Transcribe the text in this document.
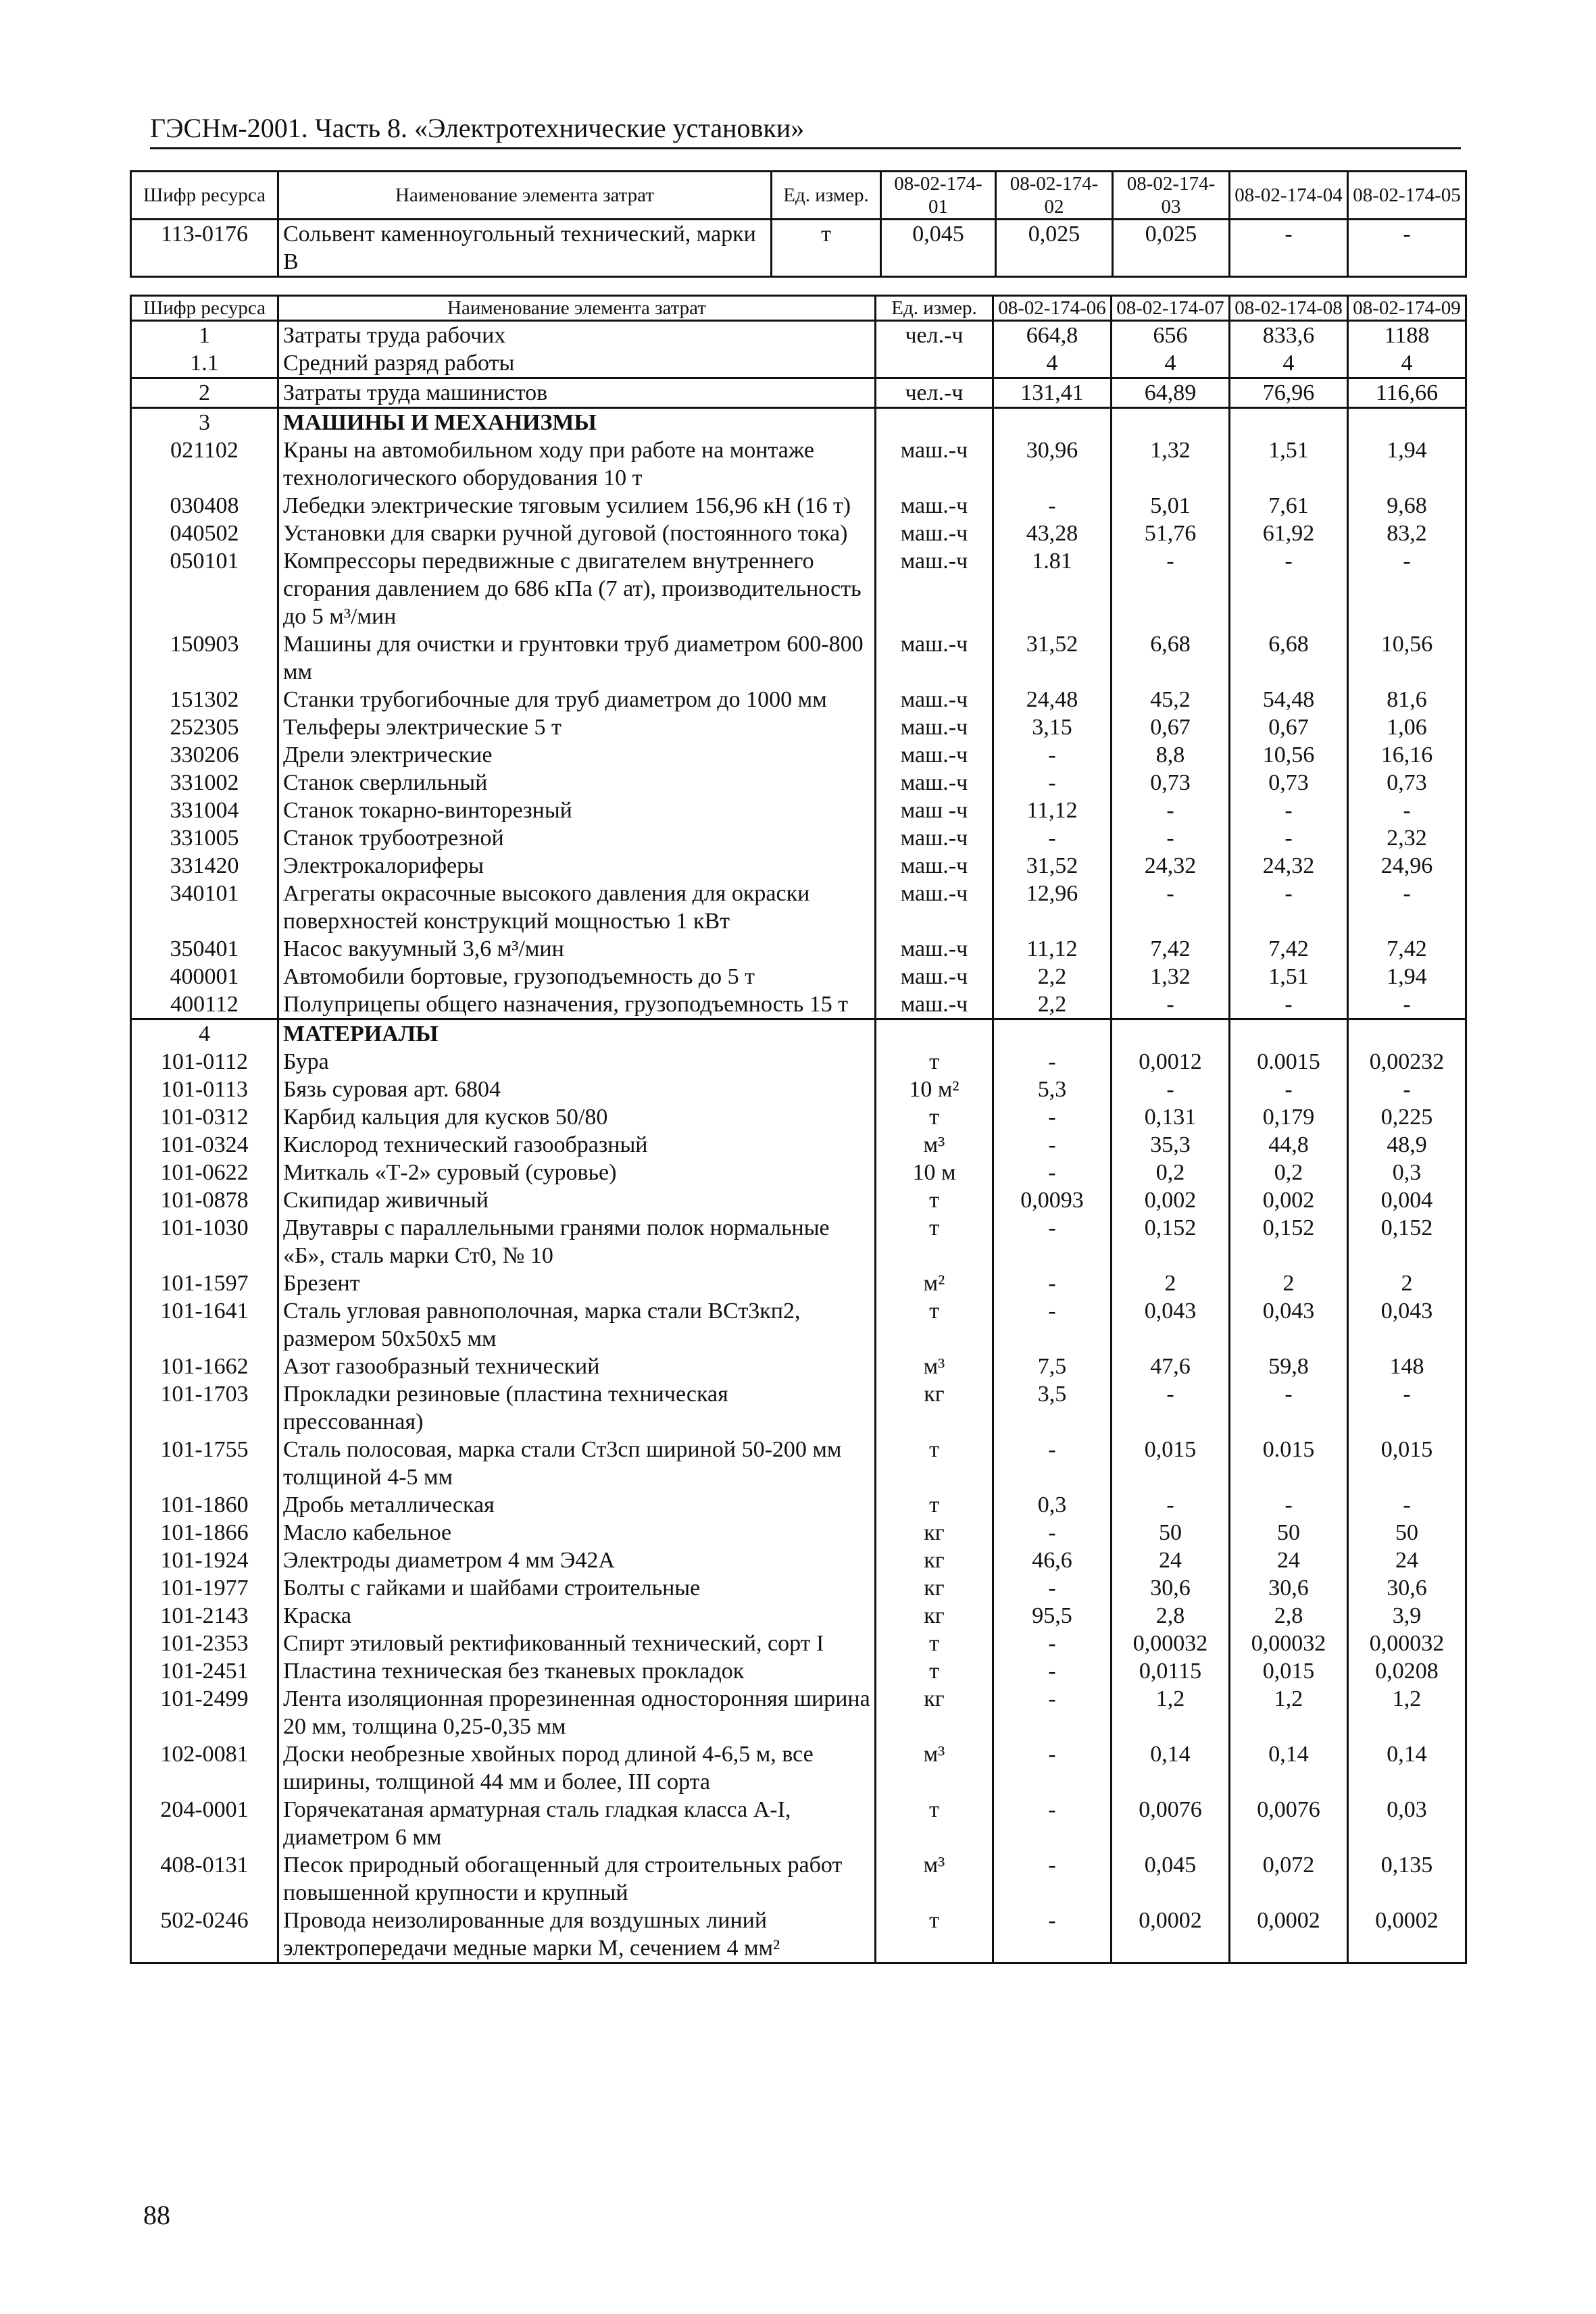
ГЭСНм-2001. Часть 8. «Электротехнические установки»
Шифр ресурса	Наименование элемента затрат	Ед. измер.	08-02-174-01	08-02-174-02	08-02-174-03	08-02-174-04	08-02-174-05
113-0176	Сольвент каменноугольный технический, марки В	т	0,045	0,025	0,025	-	-
Шифр ресурса	Наименование элемента затрат	Ед. измер.	08-02-174-06	08-02-174-07	08-02-174-08	08-02-174-09
1	Затраты труда рабочих	чел.-ч	664,8	656	833,6	1188
1.1	Средний разряд работы		4	4	4	4
2	Затраты труда машинистов	чел.-ч	131,41	64,89	76,96	116,66
3	МАШИНЫ И МЕХАНИЗМЫ					
021102	Краны на автомобильном ходу при работе на монтаже технологического оборудования 10 т	маш.-ч	30,96	1,32	1,51	1,94
030408	Лебедки электрические тяговым усилием 156,96 кН (16 т)	маш.-ч	-	5,01	7,61	9,68
040502	Установки для сварки ручной дуговой (постоянного тока)	маш.-ч	43,28	51,76	61,92	83,2
050101	Компрессоры передвижные с двигателем внутреннего сгорания давлением до 686 кПа (7 ат), производительность до 5 м³/мин	маш.-ч	1.81	-	-	-
150903	Машины для очистки и грунтовки труб диаметром 600-800 мм	маш.-ч	31,52	6,68	6,68	10,56
151302	Станки трубогибочные для труб диаметром до 1000 мм	маш.-ч	24,48	45,2	54,48	81,6
252305	Тельферы электрические 5 т	маш.-ч	3,15	0,67	0,67	1,06
330206	Дрели электрические	маш.-ч	-	8,8	10,56	16,16
331002	Станок сверлильный	маш.-ч	-	0,73	0,73	0,73
331004	Станок токарно-винторезный	маш -ч	11,12	-	-	-
331005	Станок трубоотрезной	маш.-ч	-	-	-	2,32
331420	Электрокалориферы	маш.-ч	31,52	24,32	24,32	24,96
340101	Агрегаты окрасочные высокого давления для окраски поверхностей конструкций мощностью 1 кВт	маш.-ч	12,96	-	-	-
350401	Насос вакуумный 3,6 м³/мин	маш.-ч	11,12	7,42	7,42	7,42
400001	Автомобили бортовые, грузоподъемность до 5 т	маш.-ч	2,2	1,32	1,51	1,94
400112	Полуприцепы общего назначения, грузоподъемность 15 т	маш.-ч	2,2	-	-	-
4	МАТЕРИАЛЫ					
101-0112	Бура	т	-	0,0012	0.0015	0,00232
101-0113	Бязь суровая арт. 6804	10 м²	5,3	-	-	-
101-0312	Карбид кальция для кусков 50/80	т	-	0,131	0,179	0,225
101-0324	Кислород технический газообразный	м³	-	35,3	44,8	48,9
101-0622	Миткаль «Т-2» суровый (суровье)	10 м	-	0,2	0,2	0,3
101-0878	Скипидар живичный	т	0,0093	0,002	0,002	0,004
101-1030	Двутавры с параллельными гранями полок нормальные «Б», сталь марки Ст0, № 10	т	-	0,152	0,152	0,152
101-1597	Брезент	м²	-	2	2	2
101-1641	Сталь угловая равнополочная, марка стали ВСт3кп2, размером 50x50x5 мм	т	-	0,043	0,043	0,043
101-1662	Азот газообразный технический	м³	7,5	47,6	59,8	148
101-1703	Прокладки резиновые (пластина техническая прессованная)	кг	3,5	-	-	-
101-1755	Сталь полосовая, марка стали Ст3сп шириной 50-200 мм толщиной 4-5 мм	т	-	0,015	0.015	0,015
101-1860	Дробь металлическая	т	0,3	-	-	-
101-1866	Масло кабельное	кг	-	50	50	50
101-1924	Электроды диаметром 4 мм Э42А	кг	46,6	24	24	24
101-1977	Болты с гайками и шайбами строительные	кг	-	30,6	30,6	30,6
101-2143	Краска	кг	95,5	2,8	2,8	3,9
101-2353	Спирт этиловый ректификованный технический, сорт I	т	-	0,00032	0,00032	0,00032
101-2451	Пластина техническая без тканевых прокладок	т	-	0,0115	0,015	0,0208
101-2499	Лента изоляционная прорезиненная односторонняя ширина 20 мм, толщина 0,25-0,35 мм	кг	-	1,2	1,2	1,2
102-0081	Доски необрезные хвойных пород длиной 4-6,5 м, все ширины, толщиной 44 мм и более, III сорта	м³	-	0,14	0,14	0,14
204-0001	Горячекатаная арматурная сталь гладкая класса А-I, диаметром 6 мм	т	-	0,0076	0,0076	0,03
408-0131	Песок природный обогащенный для строительных работ повышенной крупности и крупный	м³	-	0,045	0,072	0,135
502-0246	Провода неизолированные для воздушных линий электропередачи медные марки М, сечением 4 мм²	т	-	0,0002	0,0002	0,0002
88
